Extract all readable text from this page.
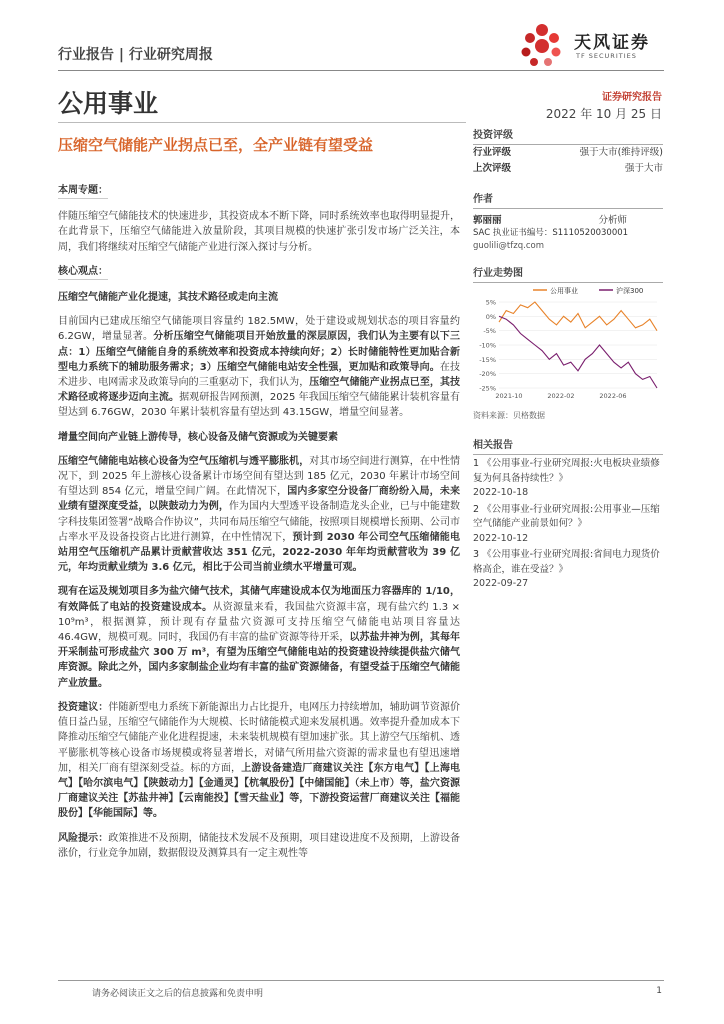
行业报告 | 行业研究周报
天风证券
TF SECURITIES
公用事业	证券研究报告
2022 年 10 月 25 日
压缩空气储能产业拐点已至，全产业链有望受益
本周专题：
伴随压缩空气储能技术的快速进步，其投资成本不断下降，同时系统效率也取得明显提升，在此背景下，压缩空气储能进入放量阶段，其项目规模的快速扩张引发市场广泛关注，本周，我们将继续对压缩空气储能产业进行深入探讨与分析。
核心观点：
压缩空气储能产业化提速，其技术路径或走向主流
目前国内已建成压缩空气储能项目容量约 182.5MW，处于建设或规划状态的项目容量约 6.2GW，增量显著。分析压缩空气储能项目开始放量的深层原因，我们认为主要有以下三点：1）压缩空气储能自身的系统效率和投资成本持续向好；2）长时储能特性更加贴合新型电力系统下的辅助服务需求；3）压缩空气储能电站安全性强，更加贴和政策导向。在技术进步、电网需求及政策导向的三重驱动下，我们认为，压缩空气储能产业拐点已至，其技术路径或将逐步迈向主流。据观研报告网预测，2025 年我国压缩空气储能累计装机容量有望达到 6.76GW，2030 年累计装机容量有望达到 43.15GW，增量空间显著。
增量空间向产业链上游传导，核心设备及储气资源或为关键要素
压缩空气储能电站核心设备为空气压缩机与透平膨胀机，对其市场空间进行测算，在中性情况下，到 2025 年上游核心设备累计市场空间有望达到 185 亿元，2030 年累计市场空间有望达到 854 亿元，增量空间广阔。在此情况下，国内多家空分设备厂商纷纷入局，未来业绩有望深度受益，以陕鼓动力为例，作为国内大型透平设备制造龙头企业，已与中能建数字科技集团签署“战略合作协议”，共同布局压缩空气储能，按照项目规模增长预期、公司市占率水平及设备投资占比进行测算，在中性情况下，预计到 2030 年公司空气压缩储能电站用空气压缩机产品累计贡献营收达 351 亿元，2022-2030 年年均贡献营收为 39 亿元，年均贡献业绩为 3.6 亿元，相比于公司当前业绩水平增量可观。
现有在运及规划项目多为盐穴储气技术，其储气库建设成本仅为地面压力容器库的 1/10，有效降低了电站的投资建设成本。从资源量来看，我国盐穴资源丰富，现有盐穴约 1.3 × 10⁹m³，根据测算，预计现有存量盐穴资源可支持压缩空气储能电站项目容量达 46.4GW，规模可观。同时，我国仍有丰富的盐矿资源等待开采，以苏盐井神为例，其每年开采制盐可形成盐穴 300 万 m³，有望为压缩空气储能电站的投资建设持续提供盐穴储气库资源。除此之外，国内多家制盐企业均有丰富的盐矿资源储备，有望受益于压缩空气储能产业放量。
投资建议：伴随新型电力系统下新能源出力占比提升，电网压力持续增加，辅助调节资源价值日益凸显，压缩空气储能作为大规模、长时储能模式迎来发展机遇。效率提升叠加成本下降推动压缩空气储能产业化进程提速，未来装机规模有望加速扩张。其上游空气压缩机、透平膨胀机等核心设备市场规模或将显著增长，对储气所用盐穴资源的需求量也有望迅速增加，相关厂商有望深刻受益。标的方面，上游设备建造厂商建议关注【东方电气】【上海电气】【哈尔滨电气】【陕鼓动力】【金通灵】【杭氧股份】【中储国能】（未上市）等，盐穴资源厂商建议关注【苏盐井神】【云南能投】【雪天盐业】等，下游投资运营厂商建议关注【福能股份】【华能国际】等。
风险提示：政策推进不及预期，储能技术发展不及预期，项目建设进度不及预期，上游设备涨价，行业竞争加剧，数据假设及测算具有一定主观性等
投资评级
行业评级	强于大市(维持评级)
上次评级	强于大市
作者
郭丽丽	分析师
SAC 执业证书编号：S1110520030001
guolili@tfzq.com
行业走势图
公用事业	沪深300
5%
0%
-5%
-10%
-15%
-20%
-25%
2021-10	2022-02	2022-06
资料来源：贝格数据
相关报告
1 《公用事业-行业研究周报:火电板块业绩修复为何具备持续性？》
2022-10-18
2 《公用事业-行业研究周报:公用事业—压缩空气储能产业前景如何？》
2022-10-12
3 《公用事业-行业研究周报:省间电力现货价格高企，谁在受益？》
2022-09-27
请务必阅读正文之后的信息披露和免责申明	1
